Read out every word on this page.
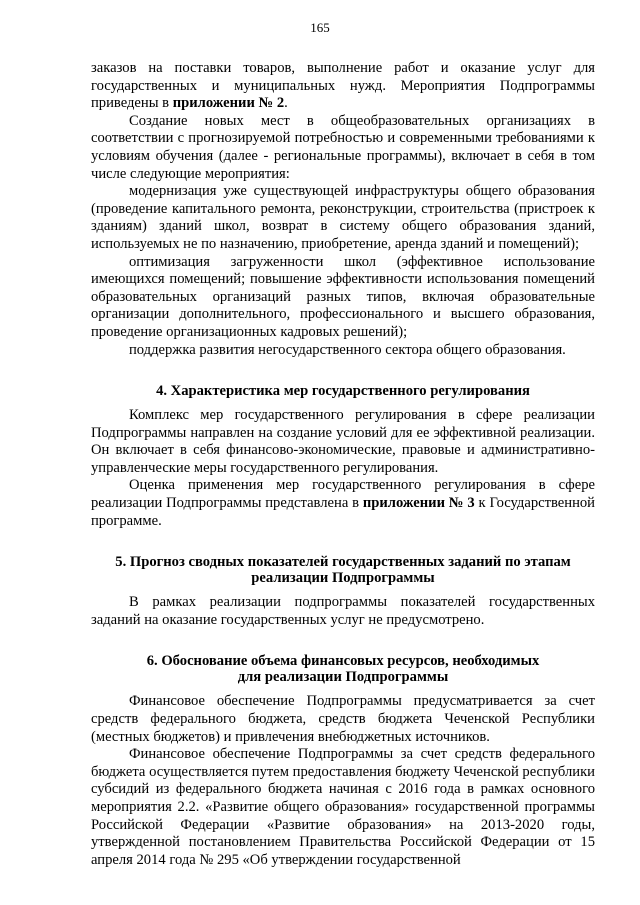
165

заказов на поставки товаров, выполнение работ и оказание услуг для государственных и муниципальных нужд. Мероприятия Подпрограммы приведены в приложении № 2.

Создание новых мест в общеобразовательных организациях в соответствии с прогнозируемой потребностью и современными требованиями к условиям обучения (далее - региональные программы), включает в себя в том числе следующие мероприятия:

модернизация уже существующей инфраструктуры общего образования (проведение капитального ремонта, реконструкции, строительства (пристроек к зданиям) зданий школ, возврат в систему общего образования зданий, используемых не по назначению, приобретение, аренда зданий и помещений);

оптимизация загруженности школ (эффективное использование имеющихся помещений; повышение эффективности использования помещений образовательных организаций разных типов, включая образовательные организации дополнительного, профессионального и высшего образования, проведение организационных кадровых решений);

поддержка развития негосударственного сектора общего образования.

4. Характеристика мер государственного регулирования

Комплекс мер государственного регулирования в сфере реализации Подпрограммы направлен на создание условий для ее эффективной реализации. Он включает в себя финансово-экономические, правовые и административно-управленческие меры государственного регулирования.

Оценка применения мер государственного регулирования в сфере реализации Подпрограммы представлена в приложении № 3 к Государственной программе.

5. Прогноз сводных показателей государственных заданий по этапам
реализации Подпрограммы

В рамках реализации подпрограммы показателей государственных заданий на оказание государственных услуг не предусмотрено.

6. Обоснование объема финансовых ресурсов, необходимых
для реализации Подпрограммы

Финансовое обеспечение Подпрограммы предусматривается за счет средств федерального бюджета, средств бюджета Чеченской Республики (местных бюджетов) и привлечения внебюджетных источников.

Финансовое обеспечение Подпрограммы за счет средств федерального бюджета осуществляется путем предоставления бюджету Чеченской республики субсидий из федерального бюджета начиная с 2016 года в рамках основного мероприятия 2.2. «Развитие общего образования» государственной программы Российской Федерации «Развитие образования» на 2013-2020 годы, утвержденной постановлением Правительства Российской Федерации от 15 апреля 2014 года № 295 «Об утверждении государственной
